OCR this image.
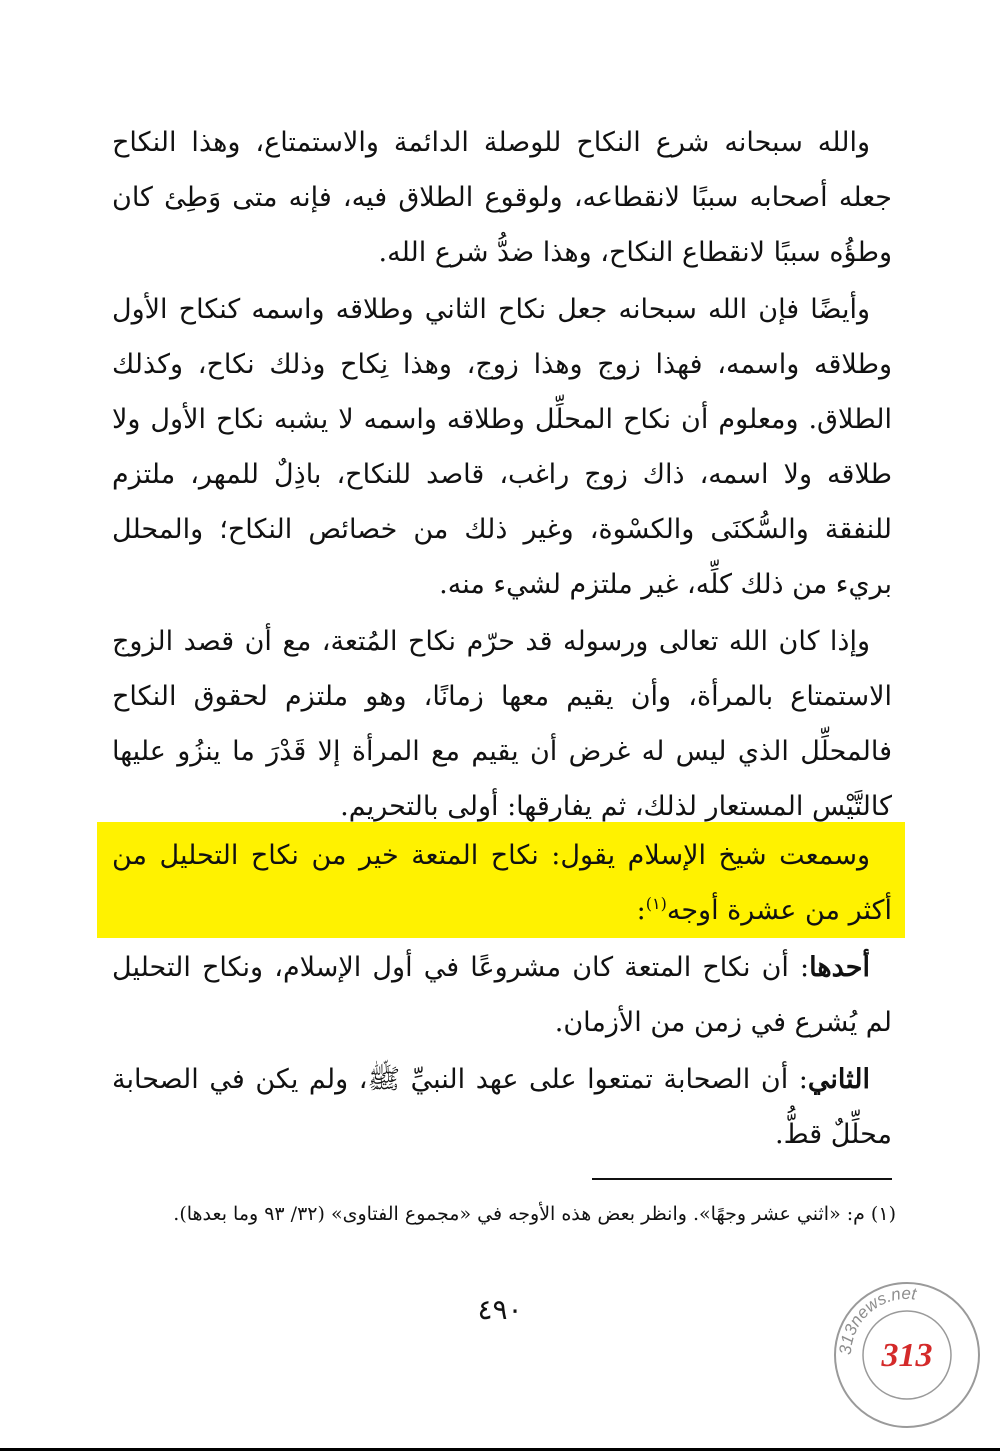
والله سبحانه شرع النكاح للوصلة الدائمة والاستمتاع، وهذا النكاح جعله أصحابه سببًا لانقطاعه، ولوقوع الطلاق فيه، فإنه متى وَطِئ كان وطؤُه سببًا لانقطاع النكاح، وهذا ضدُّ شرع الله.

وأيضًا فإن الله سبحانه جعل نكاح الثاني وطلاقه واسمه كنكاح الأول وطلاقه واسمه، فهذا زوج وهذا زوج، وهذا نِكاح وذلك نكاح، وكذلك الطلاق. ومعلوم أن نكاح المحلِّل وطلاقه واسمه لا يشبه نكاح الأول ولا طلاقه ولا اسمه، ذاك زوج راغب، قاصد للنكاح، باذِلٌ للمهر، ملتزم للنفقة والسُّكنَى والكسْوة، وغير ذلك من خصائص النكاح؛ والمحلل بريء من ذلك كلِّه، غير ملتزم لشيء منه.

وإذا كان الله تعالى ورسوله قد حرّم نكاح المُتعة، مع أن قصد الزوج الاستمتاع بالمرأة، وأن يقيم معها زمانًا، وهو ملتزم لحقوق النكاح فالمحلِّل الذي ليس له غرض أن يقيم مع المرأة إلا قَدْرَ ما ينزُو عليها كالتَّيْسِ المستعار لذلك، ثم يفارقها: أولى بالتحريم.

وسمعت شيخ الإسلام يقول: نكاح المتعة خير من نكاح التحليل من أكثر من عشرة أوجه$^{(١)}$:

أحدها: أن نكاح المتعة كان مشروعًا في أول الإسلام، ونكاح التحليل لم يُشرع في زمن من الأزمان.

الثاني: أن الصحابة تمتعوا على عهد النبيِّ ﷺ، ولم يكن في الصحابة محلِّلٌ قطُّ.

(١) م: «اثني عشر وجهًا». وانظر بعض هذه الأوجه في «مجموع الفتاوى» (٣٢/ ٩٣ وما بعدها).

٤٩٠
313news.net
313
